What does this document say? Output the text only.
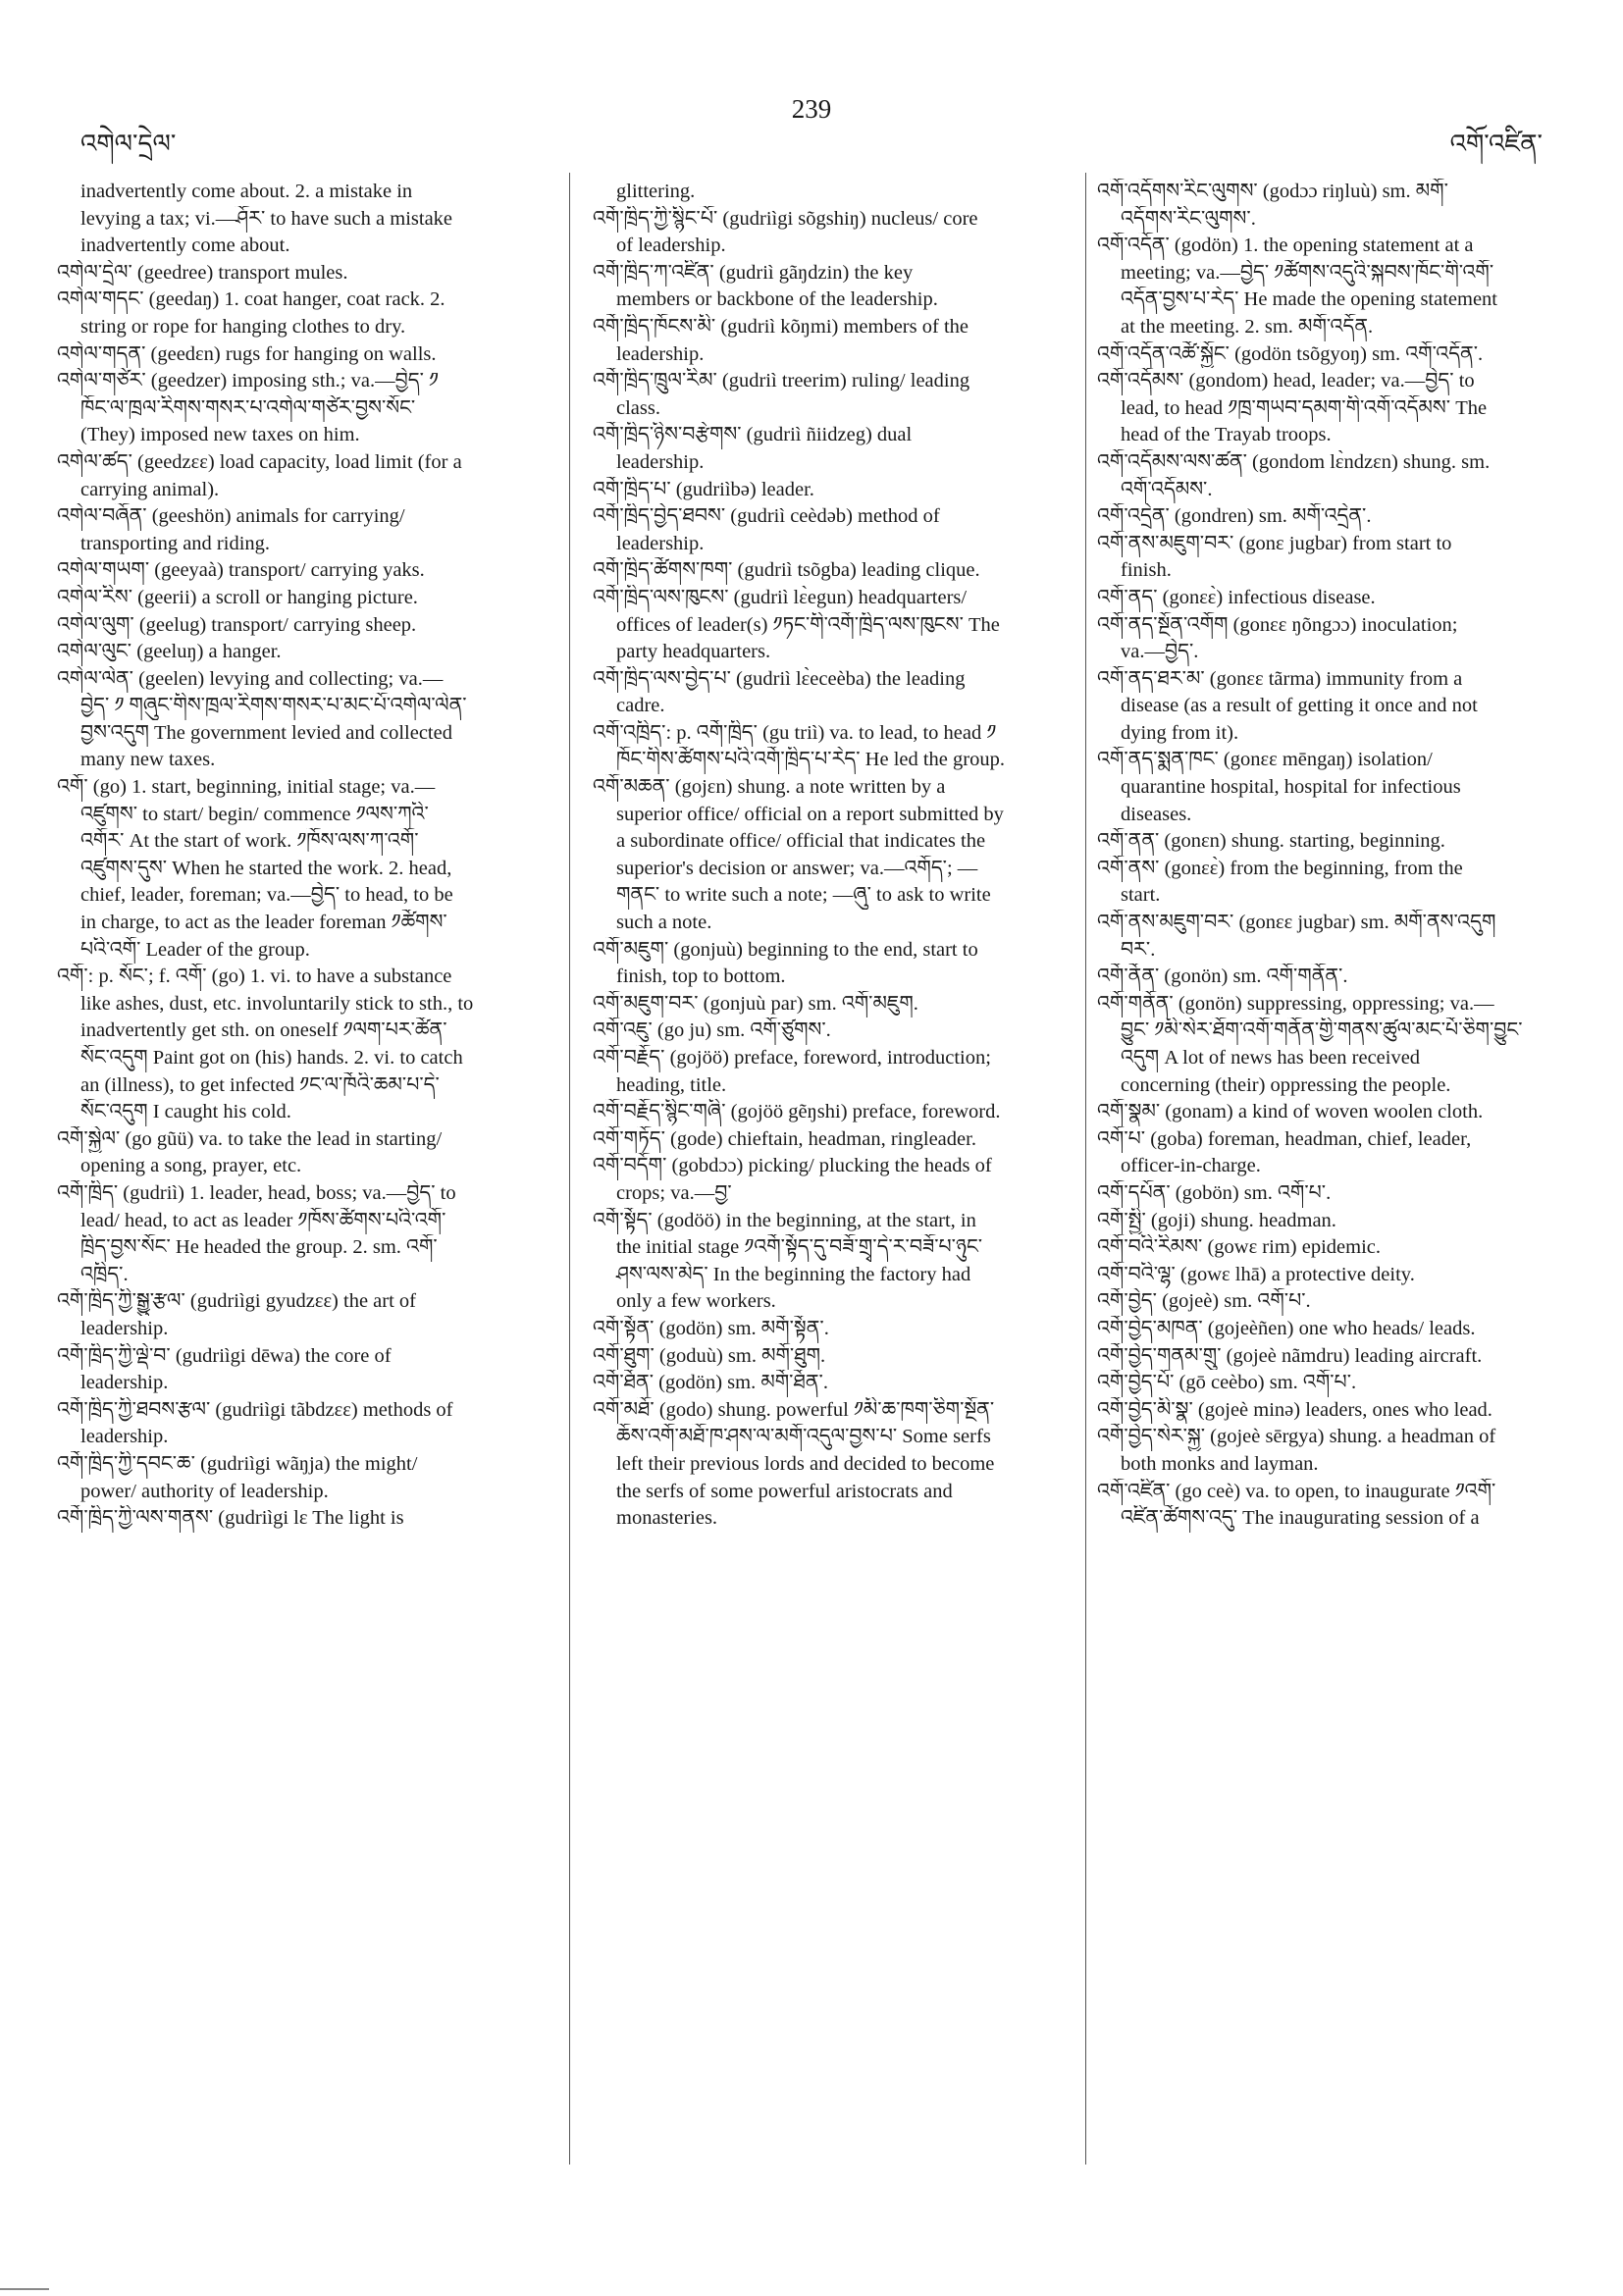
འགེལ་དྲེལ་
239
འགོ་འཛིན་
inadvertently come about. 2. a mistake in
levying a tax; vi.—ཤོར་ to have such a mistake
inadvertently come about.
འགེལ་དྲེལ་ (geedree) transport mules.
འགེལ་གདང་ (geedaŋ) 1. coat hanger, coat rack. 2.
string or rope for hanging clothes to dry.
འགེལ་གདན་ (geedɛn) rugs for hanging on walls.
འགེལ་གཙེར་ (geedzer) imposing sth.; va.—བྱེད་ ༡
ཁོང་ལ་ཁྲལ་རིགས་གསར་པ་འགེལ་གཙེར་བྱས་སོང་
(They) imposed new taxes on him.
འགེལ་ཚད་ (geedzɛɛ) load capacity, load limit (for a
carrying animal).
འགེལ་བཞོན་ (geeshön) animals for carrying/
transporting and riding.
འགེལ་གཡག་ (geeyaà) transport/ carrying yaks.
འགེལ་རིས་ (geerii) a scroll or hanging picture.
འགེལ་ལུག་ (geelug) transport/ carrying sheep.
འགེལ་ལུང་ (geeluŋ) a hanger.
འགེལ་ལེན་ (geelen) levying and collecting; va.—
བྱེད་ ༡ གཞུང་གིས་ཁྲལ་རིགས་གསར་པ་མང་པོ་འགེལ་ལེན་
བྱས་འདུག The government levied and collected
many new taxes.
འགོ་ (go) 1. start, beginning, initial stage; va.—
འཛུགས་ to start/ begin/ commence ༡ལས་ཀའི་
འགོར་ At the start of work. ༡ཁོས་ལས་ཀ་འགོ་
འཛུགས་དུས་ When he started the work. 2. head,
chief, leader, foreman; va.—བྱེད་ to head, to be
in charge, to act as the leader foreman ༡ཚོགས་
པའི་འགོ་ Leader of the group.
འགོ་: p. སོང་; f. འགོ་ (go) 1. vi. to have a substance
like ashes, dust, etc. involuntarily stick to sth., to
inadvertently get sth. on oneself ༡ལག་པར་ཚོན་
སོང་འདུག Paint got on (his) hands. 2. vi. to catch
an (illness), to get infected ༡ང་ལ་ཁོའི་ཆམ་པ་དེ་
སོང་འདུག I caught his cold.
འགོ་སྐྱེལ་ (go gũü) va. to take the lead in starting/
opening a song, prayer, etc.
འགོ་ཁྲིད་ (gudriì) 1. leader, head, boss; va.—བྱེད་ to
lead/ head, to act as leader ༡ཁོས་ཚོགས་པའི་འགོ་
ཁྲིད་བྱས་སོང་ He headed the group. 2. sm. འགོ་
འཁྲིད་.
འགོ་ཁྲིད་ཀྱི་སྒྱུ་རྩལ་ (gudriìgi gyudzɛɛ) the art of
leadership.
འགོ་ཁྲིད་ཀྱི་ལྡེ་བ་ (gudriìgi dēwa) the core of
leadership.
འགོ་ཁྲིད་ཀྱི་ཐབས་རྩལ་ (gudriìgi tãbdzɛɛ) methods of
leadership.
འགོ་ཁྲིད་ཀྱི་དབང་ཆ་ (gudriìgi wãŋja) the might/
power/ authority of leadership.
འགོ་ཁྲིད་ཀྱི་ལས་གནས་ (gudriìgi lɛ The light is
glittering.
འགོ་ཁྲིད་ཀྱི་སྙིང་པོ་ (gudriìgi sõgshiŋ) nucleus/ core
of leadership.
འགོ་ཁྲིད་ཀ་འཛིན་ (gudriì gãŋdzin) the key
members or backbone of the leadership.
འགོ་ཁྲིད་ཁོངས་མི་ (gudriì kõŋmi) members of the
leadership.
འགོ་ཁྲིད་ཁྲུལ་རིམ་ (gudriì treerim) ruling/ leading
class.
འགོ་ཁྲིད་ཉིས་བརྩེགས་ (gudriì ñiidzeg) dual
leadership.
འགོ་ཁྲིད་པ་ (gudriìbə) leader.
འགོ་ཁྲིད་བྱེད་ཐབས་ (gudriì ceèdəb) method of
leadership.
འགོ་ཁྲིད་ཚོགས་ཁག་ (gudriì tsõgba) leading clique.
འགོ་ཁྲིད་ལས་ཁུངས་ (gudriì lɛ̀egun) headquarters/
offices of leader(s) ༡ཏང་གི་འགོ་ཁྲིད་ལས་ཁུངས་ The
party headquarters.
འགོ་ཁྲིད་ལས་བྱེད་པ་ (gudriì lɛ̀eceèba) the leading
cadre.
འགོ་འཁྲིད་: p. འགོ་ཁྲིད་ (gu triì) va. to lead, to head ༡
ཁོང་གིས་ཚོགས་པའི་འགོ་ཁྲིད་པ་རེད་ He led the group.
འགོ་མཆན་ (gojɛn) shung. a note written by a
superior office/ official on a report submitted by
a subordinate office/ official that indicates the
superior's decision or answer; va.—འགོད་; —
གནང་ to write such a note; —ཞུ་ to ask to write
such a note.
འགོ་མཇུག་ (gonjuù) beginning to the end, start to
finish, top to bottom.
འགོ་མཇུག་བར་ (gonjuù par) sm. འགོ་མཇུག.
འགོ་འཇུ་ (go ju) sm. འགོ་ཙུགས་.
འགོ་བརྗོད་ (gojöö) preface, foreword, introduction;
heading, title.
འགོ་བརྗོད་སྙིང་གཞི་ (gojöö gẽŋshi) preface, foreword.
འགོ་གཏོད་ (gode) chieftain, headman, ringleader.
འགོ་བདོག་ (gobdɔɔ) picking/ plucking the heads of
crops; va.—བྱ་
འགོ་སྟོད་ (godöö) in the beginning, at the start, in
the initial stage ༡འགོ་སྟོད་དུ་བཟོ་གྲྭ་དེ་ར་བཟོ་པ་ཉུང་
ཤས་ལས་མེད་ In the beginning the factory had
only a few workers.
འགོ་སྟོན་ (godön) sm. མགོ་སྟོན་.
འགོ་ཐུག་ (goduù) sm. མགོ་ཐུག.
འགོ་ཐོན་ (godön) sm. མགོ་ཐོན་.
འགོ་མཐོ་ (godo) shung. powerful ༡མི་ཆ་ཁག་ཅིག་སྔོན་
ཆོས་འགོ་མཐོ་ཁ་ཤས་ལ་མགོ་འདུལ་བྱས་པ་ Some serfs
left their previous lords and decided to become
the serfs of some powerful aristocrats and
monasteries.
འགོ་འདོགས་རིང་ལུགས་ (godɔɔ riŋluù) sm. མགོ་
འདོགས་རིང་ལུགས་.
འགོ་འདོན་ (godön) 1. the opening statement at a
meeting; va.—བྱེད་ ༡ཚོགས་འདུའི་སྐབས་ཁོང་གི་འགོ་
འདོན་བྱས་པ་རེད་ He made the opening statement
at the meeting. 2. sm. མགོ་འདོན.
འགོ་འདོན་འཚོ་སྐྱོང་ (godön tsõgyoŋ) sm. འགོ་འདོན་.
འགོ་འདོམས་ (gondom) head, leader; va.—བྱེད་ to
lead, to head ༡ཁྲ་གཡབ་དམག་གི་འགོ་འདོམས་ The
head of the Trayab troops.
འགོ་འདོམས་ལས་ཚན་ (gondom lɛ̀ndzɛn) shung. sm.
འགོ་འདོམས་.
འགོ་འདྲེན་ (gondren) sm. མགོ་འདྲེན་.
འགོ་ནས་མཇུག་བར་ (gonɛ jugbar) from start to
finish.
འགོ་ནད་ (gonɛɛ̀) infectious disease.
འགོ་ནད་སྔོན་འགོག (gonɛɛ ŋõngɔɔ) inoculation;
va.—བྱེད་.
འགོ་ནད་ཐར་མ་ (gonɛɛ tãrma) immunity from a
disease (as a result of getting it once and not
dying from it).
འགོ་ནད་སྨན་ཁང་ (gonɛɛ mēngaŋ) isolation/
quarantine hospital, hospital for infectious
diseases.
འགོ་ནན་ (gonɛn) shung. starting, beginning.
འགོ་ནས་ (gonɛɛ̀) from the beginning, from the
start.
འགོ་ནས་མཇུག་བར་ (gonɛɛ jugbar) sm. མགོ་ནས་འདུག
བར་.
འགོ་ནོན་ (gonön) sm. འགོ་གནོན་.
འགོ་གནོན་ (gonön) suppressing, oppressing; va.—
བྱུང་ ༡མི་སེར་ཐོག་འགོ་གནོན་གྱི་གནས་ཚུལ་མང་པོ་ཅིག་བྱུང་
འདུག A lot of news has been received
concerning (their) oppressing the people.
འགོ་སྣམ་ (gonam) a kind of woven woolen cloth.
འགོ་པ་ (goba) foreman, headman, chief, leader,
officer-in-charge.
འགོ་དཔོན་ (gobön) sm. འགོ་པ་.
འགོ་སྤྱི་ (goji) shung. headman.
འགོ་བའི་རིམས་ (gowɛ rim) epidemic.
འགོ་བའི་ལྷ་ (gowɛ lhā) a protective deity.
འགོ་བྱེད་ (gojeè) sm. འགོ་པ་.
འགོ་བྱེད་མཁན་ (gojeèñen) one who heads/ leads.
འགོ་བྱེད་གནམ་གྲུ་ (gojeè nãmdru) leading aircraft.
འགོ་བྱེད་པོ་ (gō ceèbo) sm. འགོ་པ་.
འགོ་བྱེད་མི་སྣ་ (gojeè minə) leaders, ones who lead.
འགོ་བྱེད་སེར་སྐྱ་ (gojeè sērgya) shung. a headman of
both monks and layman.
འགོ་འཛིན་ (go ceè) va. to open, to inaugurate ༡འགོ་
འཛིན་ཚོགས་འདུ་ The inaugurating session of a
